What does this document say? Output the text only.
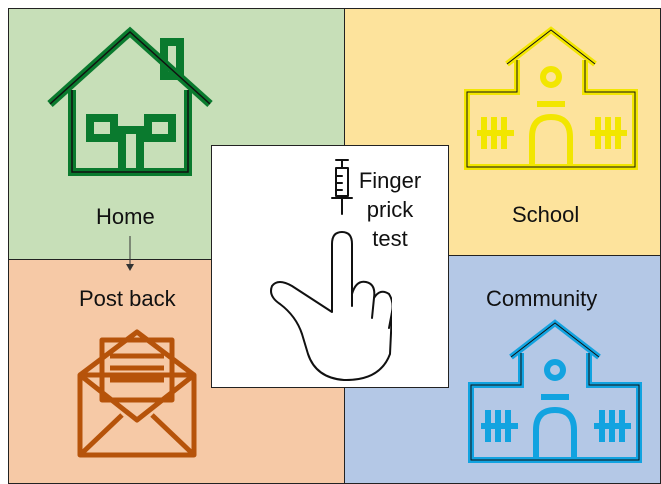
Home
Post back
School
Community
Finger
prick
test
